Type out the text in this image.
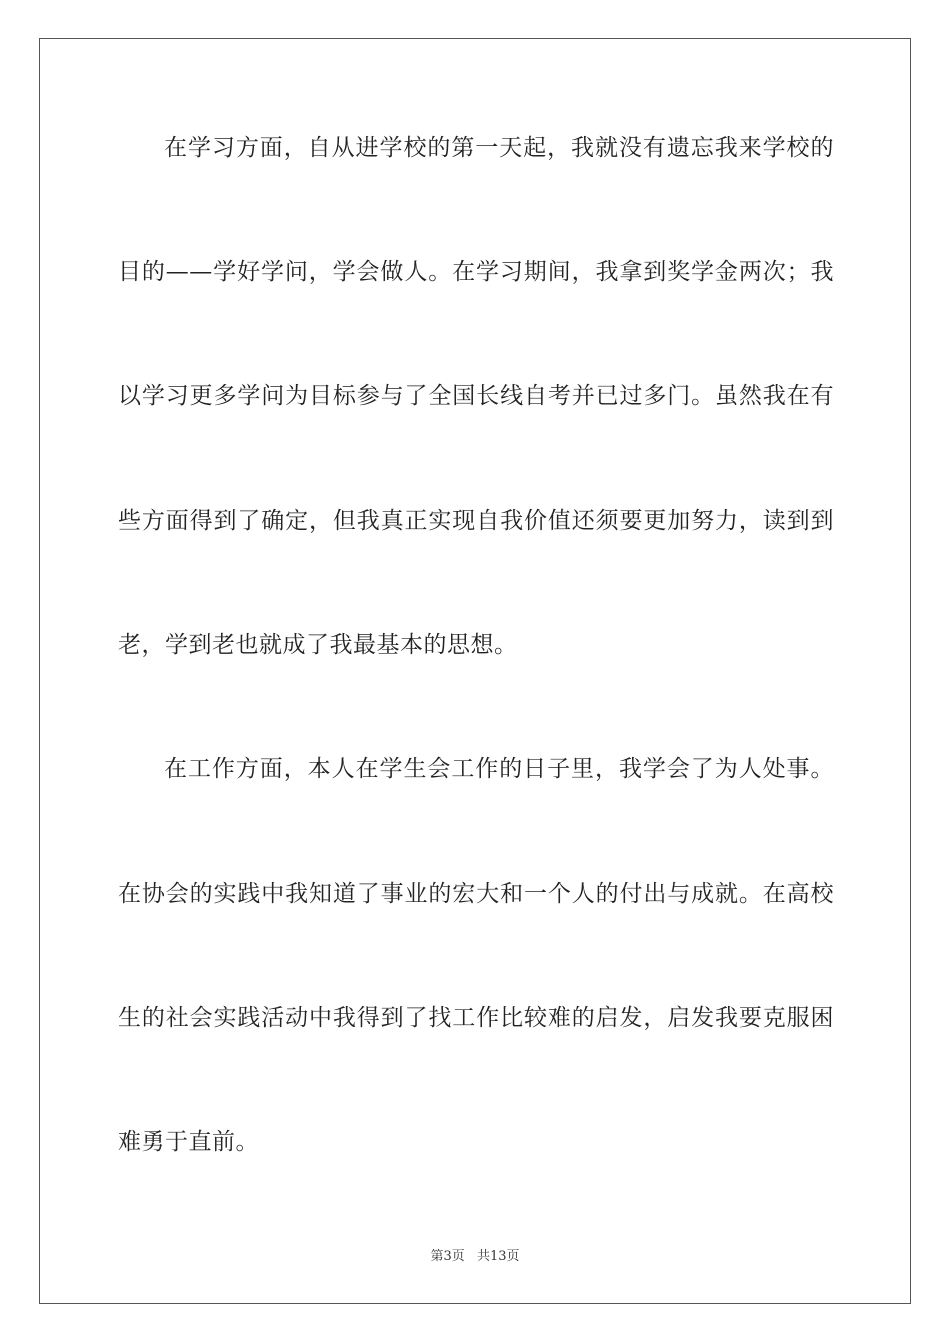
在学习方面，自从进学校的第一天起，我就没有遗忘我来学校的
目的——学好学问，学会做人。在学习期间，我拿到奖学金两次；我
以学习更多学问为目标参与了全国长线自考并已过多门。虽然我在有
些方面得到了确定，但我真正实现自我价值还须要更加努力，读到到
老，学到老也就成了我最基本的思想。
在工作方面，本人在学生会工作的日子里，我学会了为人处事。
在协会的实践中我知道了事业的宏大和一个人的付出与成就。在高校
生的社会实践活动中我得到了找工作比较难的启发，启发我要克服困
难勇于直前。
第3页 共13页
